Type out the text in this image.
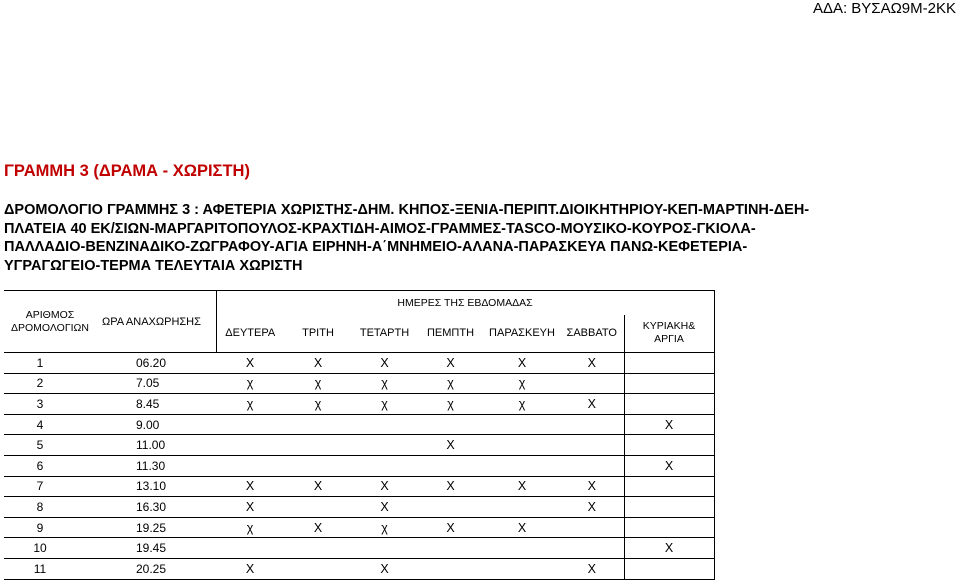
ΑΔΑ: ΒΥΣΑΩ9Μ-2ΚΚ
ΓΡΑΜΜΗ 3 (ΔΡΑΜΑ - ΧΩΡΙΣΤΗ)
ΔΡΟΜΟΛΟΓΙΟ ΓΡΑΜΜΗΣ 3 : ΑΦΕΤΕΡΙΑ ΧΩΡΙΣΤΗΣ-ΔΗΜ. ΚΗΠΟΣ-ΞΕΝΙΑ-ΠΕΡΙΠΤ.ΔΙΟΙΚΗΤΗΡΙΟΥ-ΚΕΠ-ΜΑΡΤΙΝΗ-ΔΕΗ-
ΠΛΑΤΕΙΑ 40 ΕΚ/ΣΙΩΝ-ΜΑΡΓΑΡΙΤΟΠΟΥΛΟΣ-ΚΡΑΧΤΙΔΗ-ΑΙΜΟΣ-ΓΡΑΜΜΕΣ-TASCO-ΜΟΥΣΙΚΟ-ΚΟΥΡΟΣ-ΓΚΙΟΛΑ-
ΠΑΛΛΑΔΙΟ-ΒΕΝΖΙΝΑΔΙΚΟ-ΖΩΓΡΑΦΟΥ-ΑΓΙΑ ΕΙΡΗΝΗ-Α΄ΜΝΗΜΕΙΟ-ΑΛΑΝΑ-ΠΑΡΑΣΚΕΥΑ ΠΑΝΩ-ΚΕΦΕΤΕΡΙΑ-
ΥΓΡΑΓΩΓΕΙΟ-ΤΕΡΜΑ ΤΕΛΕΥΤΑΙΑ ΧΩΡΙΣΤΗ
ΑΡΙΘΜΟΣ
ΔΡΟΜΟΛΟΓΙΩΝ	ΩΡΑ ΑΝΑΧΩΡΗΣΗΣ	ΗΜΕΡΕΣ ΤΗΣ ΕΒΔΟΜΑΔΑΣ						
		ΔΕΥΤΕΡΑ	ΤΡΙΤΗ	ΤΕΤΑΡΤΗ	ΠΕΜΠΤΗ	ΠΑΡΑΣΚΕΥΗ	ΣΑΒΒΑΤΟ	ΚΥΡΙΑΚΗ&
ΑΡΓΙΑ

1	06.20	X	X	X	X	X	X	
2	7.05	χ	χ	χ	χ	χ		
3	8.45	χ	χ	χ	χ	χ	X	
4	9.00							X
5	11.00				X			
6	11.30							X
7	13.10	X	X	X	X	X	X	
8	16.30	X		X			X	
9	19.25	χ	X	χ	X	X		
10	19.45							X
11	20.25	X		X			X	
